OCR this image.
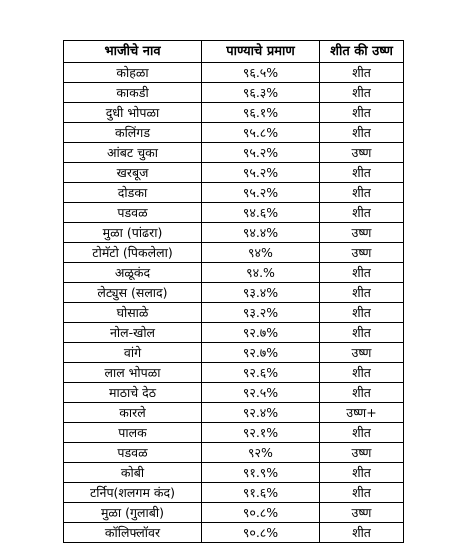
भाजीचे नाव	पाण्याचे प्रमाण	शीत की उष्ण
कोहळा	९६.५%	शीत
काकडी	९६.३%	शीत
दुधी भोपळा	९६.१%	शीत
कलिंगड	९५.८%	शीत
आंबट चुका	९५.२%	उष्ण
खरबूज	९५.२%	शीत
दोडका	९५.२%	शीत
पडवळ	९४.६%	शीत
मुळा (पांढरा)	९४.४%	उष्ण
टोमॅटो (पिकलेला)	९४%	उष्ण
अळूकंद	९४.%	शीत
लेट्युस (सलाद)	९३.४%	शीत
घोसाळे	९३.२%	शीत
नोल-खोल	९२.७%	शीत
वांगे	९२.७%	उष्ण
लाल भोपळा	९२.६%	शीत
माठाचे देठ	९२.५%	शीत
कारले	९२.४%	उष्ण+
पालक	९२.१%	शीत
पडवळ	९२%	उष्ण
कोबी	९१.९%	शीत
टर्निप(शलगम कंद)	९१.६%	शीत
मुळा (गुलाबी)	९०.८%	उष्ण
कॉलिफ्लॉवर	९०.८%	शीत
